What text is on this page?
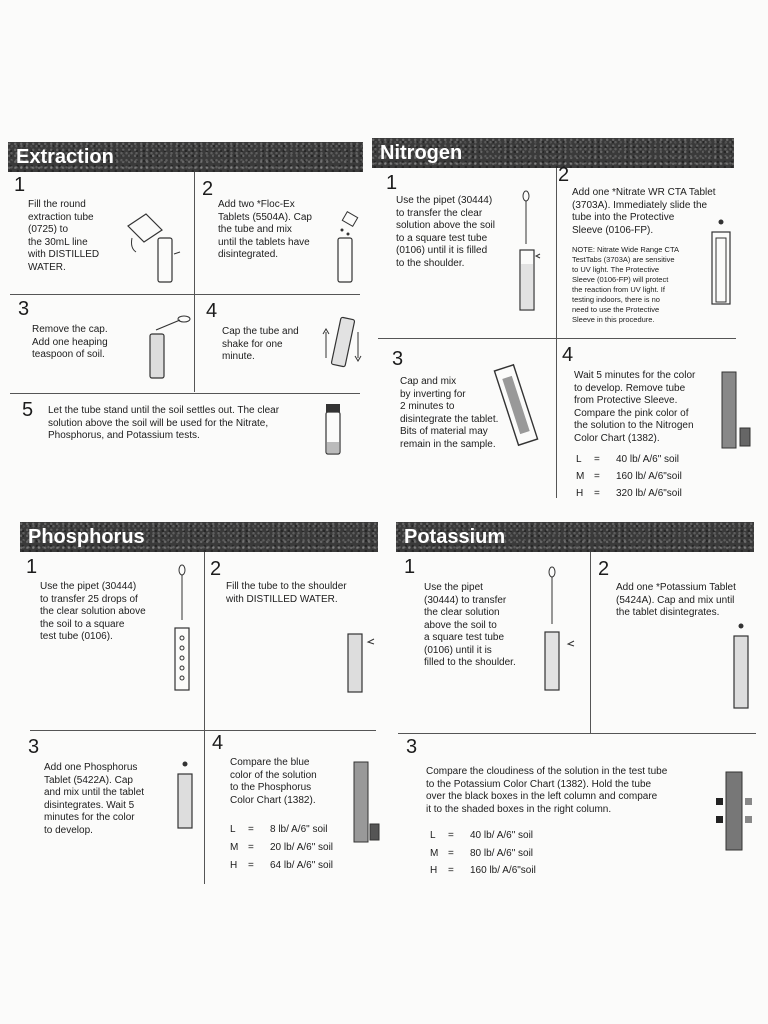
Extraction
1
Fill the round
extraction tube
(0725) to
the 30mL line
with DISTILLED
WATER.
2
Add two *Floc-Ex
Tablets (5504A). Cap
the tube and mix
until the tablets have
disintegrated.
3
Remove the cap.
Add one heaping
teaspoon of soil.
4
Cap the tube and
shake for one
minute.
5 Let the tube stand until the soil settles out. The clear
solution above the soil will be used for the Nitrate,
Phosphorus, and Potassium tests.
Nitrogen
1
Use the pipet (30444)
to transfer the clear
solution above the soil
to a square test tube
(0106) until it is filled
to the shoulder.
2
Add one *Nitrate WR CTA Tablet
(3703A). Immediately slide the
tube into the Protective
Sleeve (0106-FP).
NOTE: Nitrate Wide Range CTA
TestTabs (3703A) are sensitive
to UV light. The Protective
Sleeve (0106-FP) will protect
the reaction from UV light. If
testing indoors, there is no
need to use the Protective
Sleeve in this procedure.
3
Cap and mix
by inverting for
2 minutes to
disintegrate the tablet.
Bits of material may
remain in the sample.
4
Wait 5 minutes for the color
to develop. Remove tube
from Protective Sleeve.
Compare the pink color of
the solution to the Nitrogen
Color Chart (1382).
L	=	40 lb/ A/6" soil
M =	160 lb/ A/6"soil
H	=	320 lb/ A/6"soil
Phosphorus
1
Use the pipet (30444)
to transfer 25 drops of
the clear solution above
the soil to a square
test tube (0106).
2
Fill the tube to the shoulder
with DISTILLED WATER.
3
Add one Phosphorus
Tablet (5422A). Cap
and mix until the tablet
disintegrates. Wait 5
minutes for the color
to develop.
4
Compare the blue
color of the solution
to the Phosphorus
Color Chart (1382).
L	=	8 lb/ A/6" soil
M =	20 lb/ A/6" soil
H	=	64 lb/ A/6" soil
Potassium
1
Use the pipet
(30444) to transfer
the clear solution
above the soil to
a square test tube
(0106) until it is
filled to the shoulder.
2
Add one *Potassium Tablet
(5424A). Cap and mix until
the tablet disintegrates.
3
Compare the cloudiness of the solution in the test tube
to the Potassium Color Chart (1382). Hold the tube
over the black boxes in the left column and compare
it to the shaded boxes in the right column.
L	=	40 lb/ A/6" soil
M =	80 lb/ A/6" soil
H	=	160 lb/ A/6"soil
